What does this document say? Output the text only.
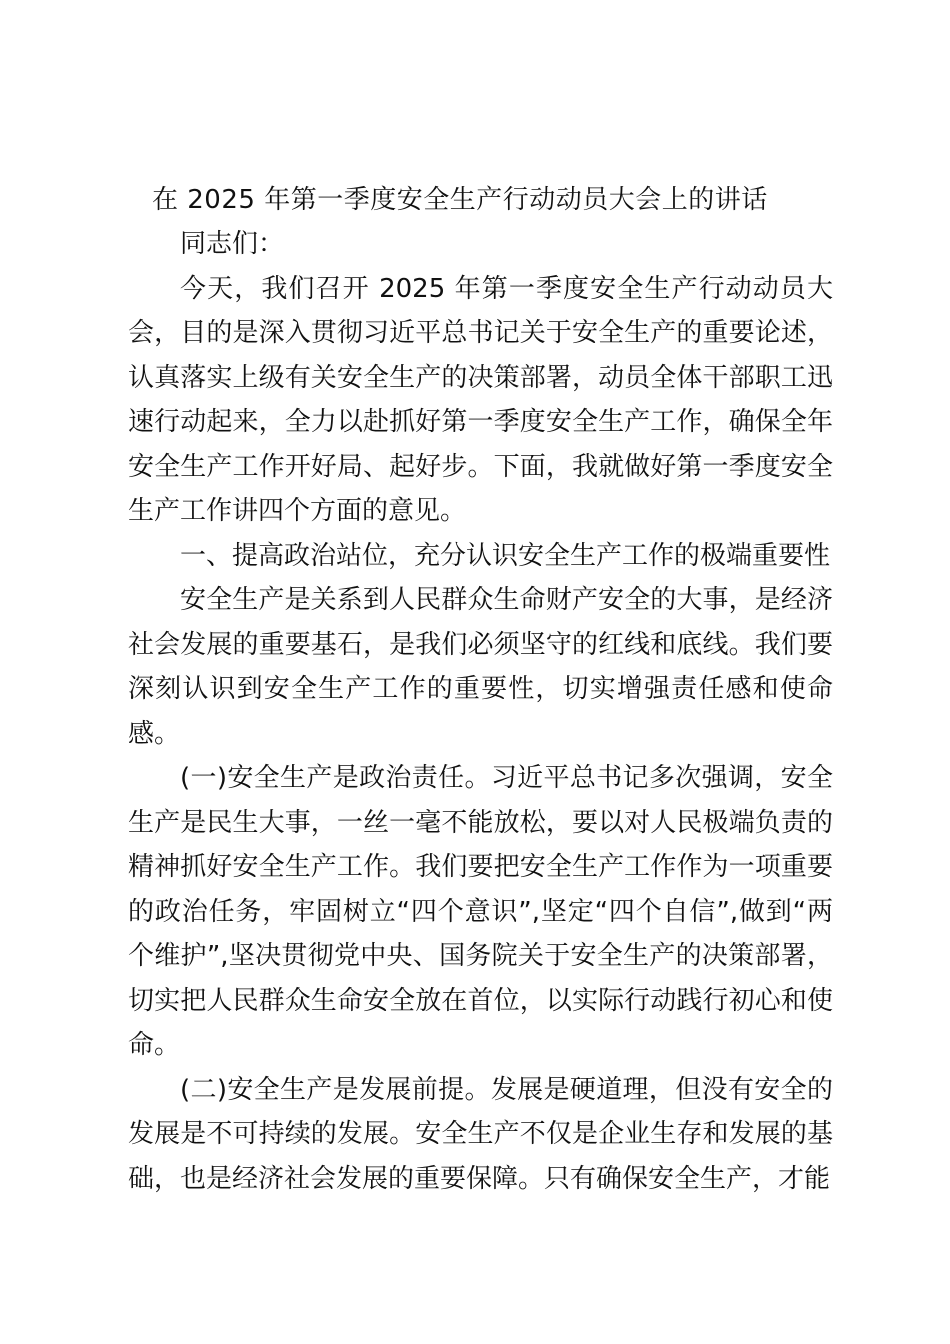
在 2025 年第一季度安全生产行动动员大会上的讲话

同志们：

今天，我们召开 2025 年第一季度安全生产行动动员大会，目的是深入贯彻习近平总书记关于安全生产的重要论述，认真落实上级有关安全生产的决策部署，动员全体干部职工迅速行动起来，全力以赴抓好第一季度安全生产工作，确保全年安全生产工作开好局、起好步。下面，我就做好第一季度安全生产工作讲四个方面的意见。

一、提高政治站位，充分认识安全生产工作的极端重要性

安全生产是关系到人民群众生命财产安全的大事，是经济社会发展的重要基石，是我们必须坚守的红线和底线。我们要深刻认识到安全生产工作的重要性，切实增强责任感和使命感。

(一)安全生产是政治责任。习近平总书记多次强调，安全生产是民生大事，一丝一毫不能放松，要以对人民极端负责的精神抓好安全生产工作。我们要把安全生产工作作为一项重要的政治任务，牢固树立“四个意识”,坚定“四个自信”,做到“两个维护”,坚决贯彻党中央、国务院关于安全生产的决策部署，切实把人民群众生命安全放在首位，以实际行动践行初心和使命。

(二)安全生产是发展前提。发展是硬道理，但没有安全的发展是不可持续的发展。安全生产不仅是企业生存和发展的基础，也是经济社会发展的重要保障。只有确保安全生产，才能
